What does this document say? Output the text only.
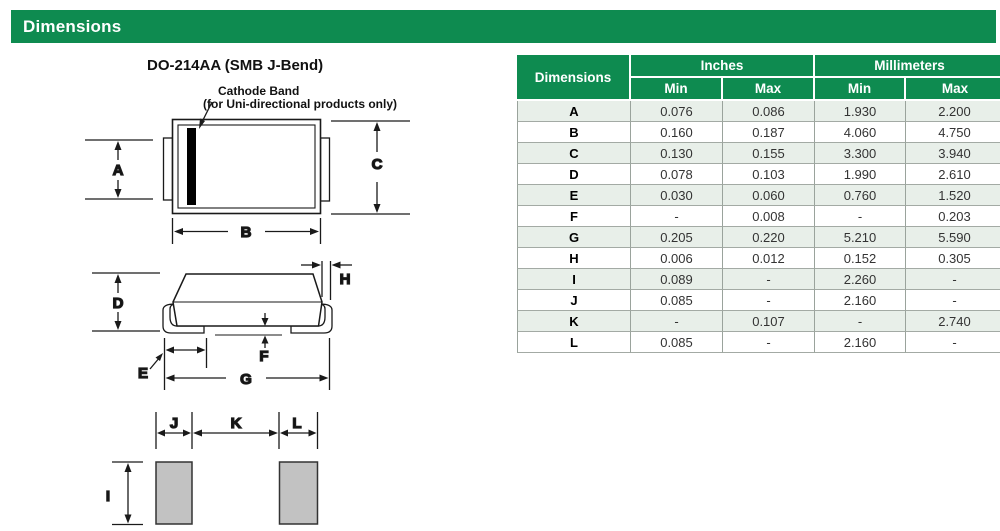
Dimensions
DO-214AA (SMB J-Bend)
Cathode Band
(for Uni-directional products only)
A	C
B
D
H
F
E	G
J	K	L
I
Dimensions	Inches		Millimeters	
	Min	Max	Min	Max
A	0.076	0.086	1.930	2.200
B	0.160	0.187	4.060	4.750
C	0.130	0.155	3.300	3.940
D	0.078	0.103	1.990	2.610
E	0.030	0.060	0.760	1.520
F	-	0.008	-	0.203
G	0.205	0.220	5.210	5.590
H	0.006	0.012	0.152	0.305
I	0.089	-	2.260	-
J	0.085	-	2.160	-
K	-	0.107	-	2.740
L	0.085	-	2.160	-
